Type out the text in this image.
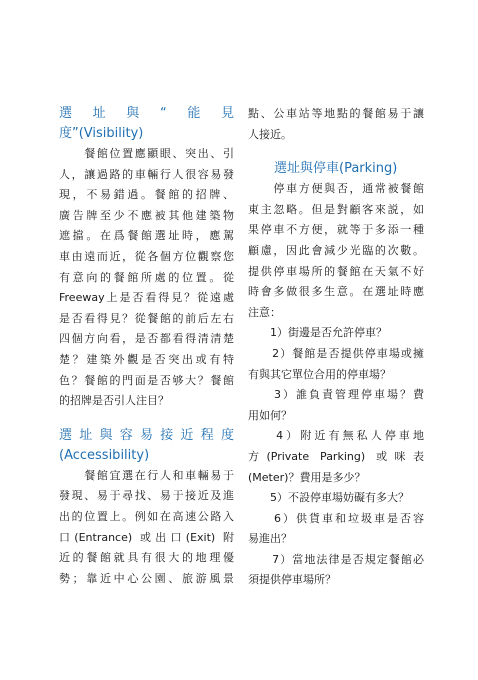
選　址　與　“　能　見
度”(Visibility)
　　餐館位置應顯眼、突出、引
人，讓過路的車輛行人很容易發
現，不易錯過。餐館的招牌、
廣告牌至少不應被其他建築物
遮擋。在爲餐館選址時，應駕
車由遠而近，從各個方位觀察您
有意向的餐館所處的位置。從
Freeway上是否看得見？從遠處
是否看得見？從餐館的前后左右
四個方向看，是否都看得清清楚
楚？建築外觀是否突出或有特
色？餐館的門面是否够大？餐館
的招牌是否引人注目？
選址與容易接近程度
(Accessibility)
　　餐館宜選在行人和車輛易于
發現、易于尋找、易于接近及進
出的位置上。例如在高速公路入
口(Entrance) 或出口(Exit) 附
近的餐館就具有很大的地理優
勢；靠近中心公園、旅游風景
點、公車站等地點的餐館易于讓
人接近。
　　選址與停車(Parking)
　　停車方便與否，通常被餐館
東主忽略。但是對顧客來説，如
果停車不方便，就等于多添一種
顧慮，因此會減少光臨的次數。
提供停車場所的餐館在天氣不好
時會多做很多生意。在選址時應
注意：
　　1）街邊是否允許停車？
　　2）餐館是否提供停車場或擁
有與其它單位合用的停車場？
　　3）誰負責管理停車場？費
用如何？
　　4）附近有無私人停車地
方(Private Parking) 或咪表
(Meter)？費用是多少？
　　5）不設停車場妨礙有多大？
　　6）供貨車和垃圾車是否容
易進出？
　　7）當地法律是否規定餐館必
須提供停車場所？
